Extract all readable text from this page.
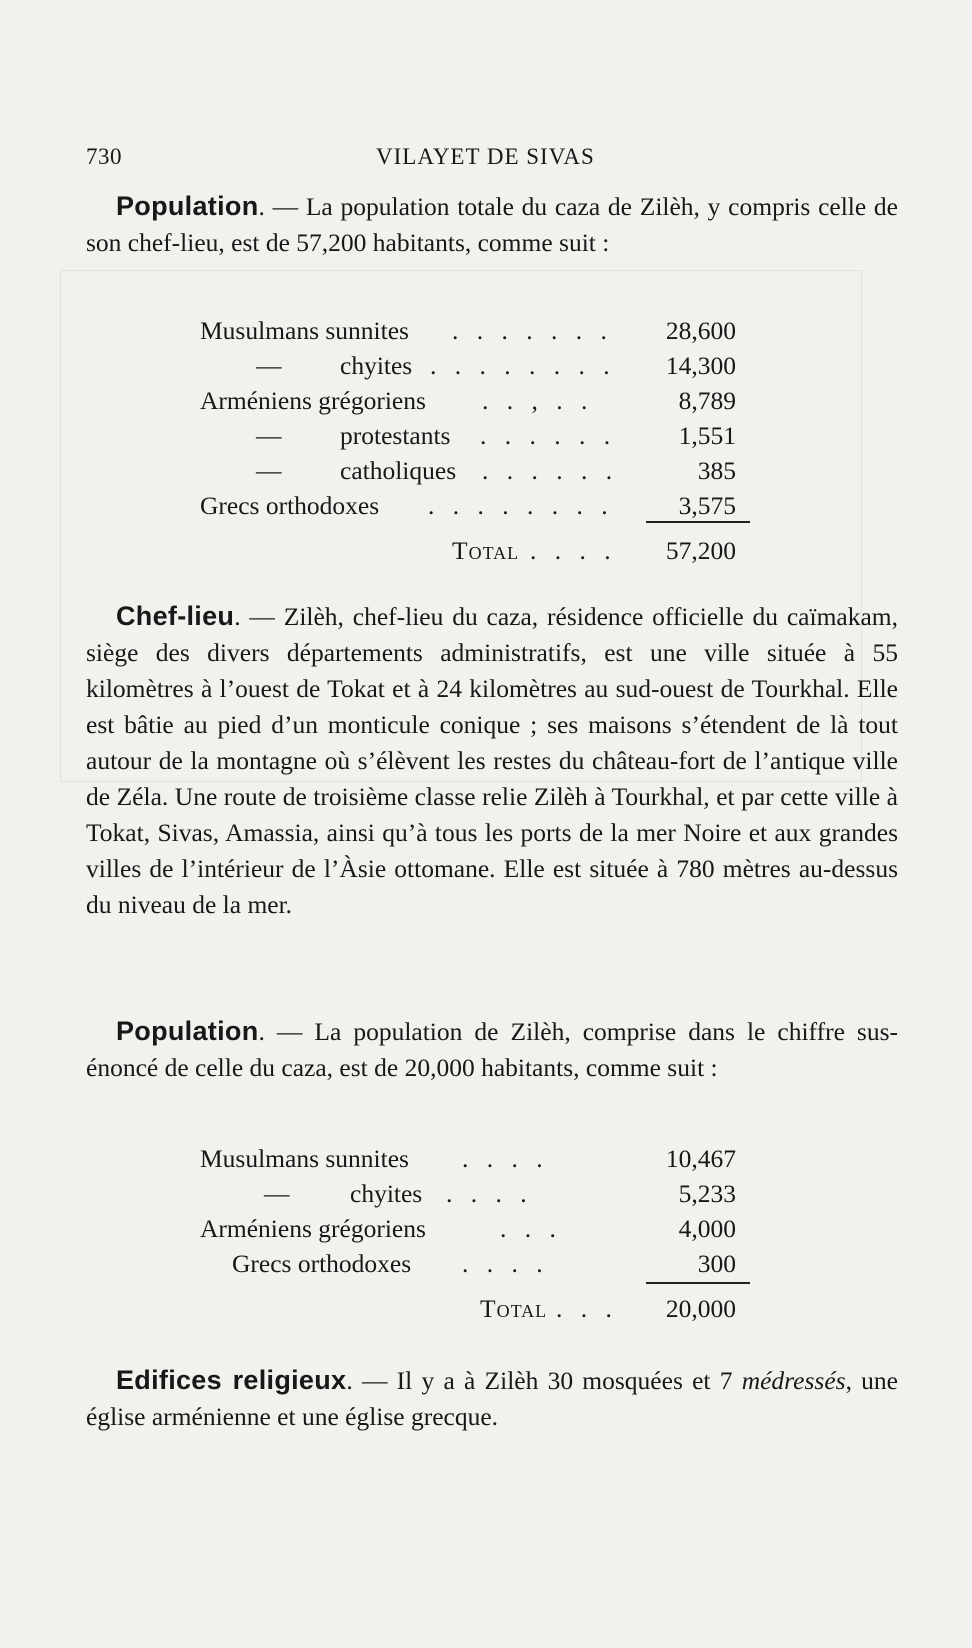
730	VILAYET DE SIVAS

Population. — La population totale du caza de Zilèh, y compris celle de son chef-lieu, est de 57,200 habitants, comme suit :

Musulmans sunnites . . . . . . . 28,600
— chyites . . . . . . . . 14,300
Arméniens grégoriens . . , . .	8,789
— protestants . . . . . . 1,551
— catholiques . . . . . .	385
Grecs orthodoxes . . . . . . . .	3,575
Total . . . . 57,200

Chef-lieu. — Zilèh, chef-lieu du caza, résidence officielle du caïmakam, siège des divers départements administratifs, est une ville située à 55 kilomètres à l’ouest de Tokat et à 24 kilomètres au sud-ouest de Tourkhal. Elle est bâtie au pied d’un monticule conique ; ses maisons s’étendent de là tout autour de la montagne où s’élèvent les restes du château-fort de l’antique ville de Zéla. Une route de troisième classe relie Zilèh à Tourkhal, et par cette ville à Tokat, Sivas, Amassia, ainsi qu’à tous les ports de la mer Noire et aux grandes villes de l’intérieur de l’Àsie ottomane. Elle est située à 780 mètres au-dessus du niveau de la mer.

Population. — La population de Zilèh, comprise dans le chiffre sus-énoncé de celle du caza, est de 20,000 habitants, comme suit :

Musulmans sunnites . . . .	10,467
— chyites . . . .	5,233
Arméniens grégoriens	. . .	4,000
Grecs orthodoxes . . . .	300
Total . . . 20,000

Edifices religieux. — Il y a à Zilèh 30 mosquées et 7 médressés, une église arménienne et une église grecque.
